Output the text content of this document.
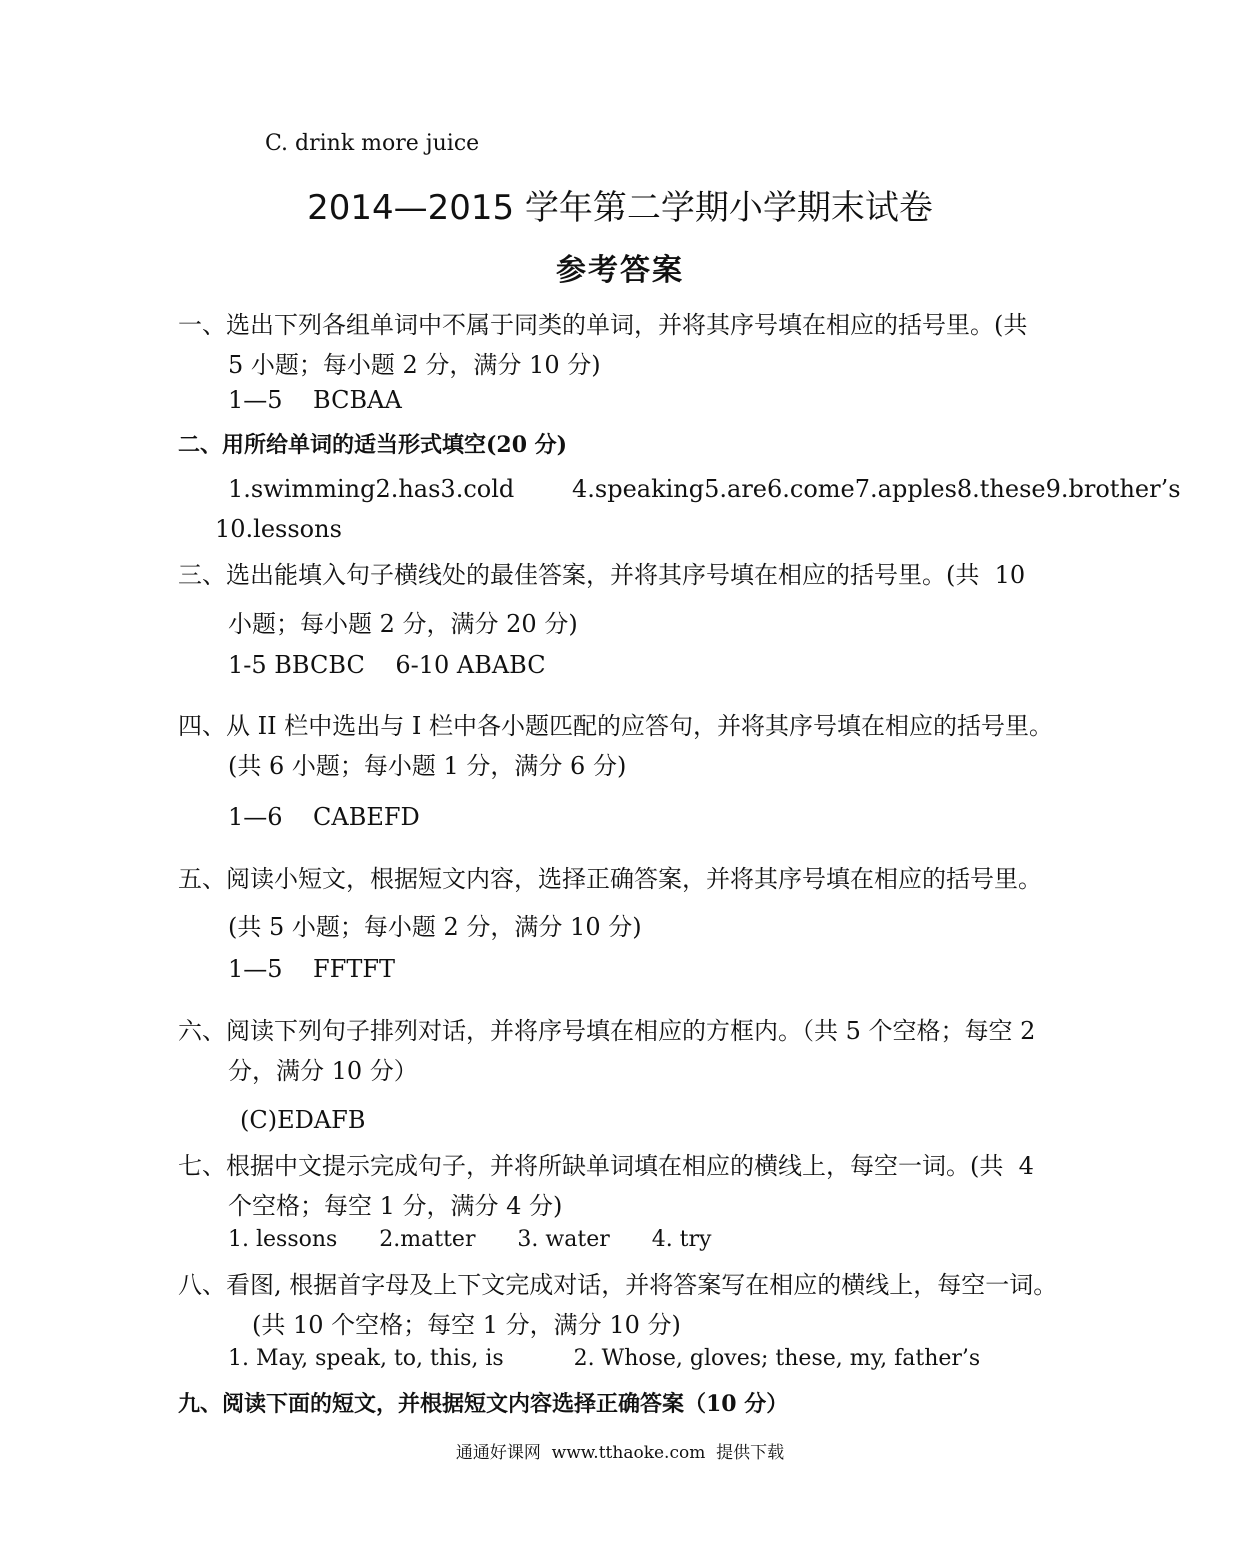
C. drink more juice
2014—2015 学年第二学期小学期末试卷
参考答案
一、选出下列各组单词中不属于同类的单词，并将其序号填在相应的括号里。(共
5 小题；每小题 2 分，满分 10 分)
1—5    BCBAA
二、用所给单词的适当形式填空(20 分)
1.swimming2.has3.cold 4.speaking5.are6.come7.apples8.these9.brother’s
10.lessons
三、选出能填入句子横线处的最佳答案，并将其序号填在相应的括号里。(共  10
小题；每小题 2 分，满分 20 分)
1-5 BBCBC    6-10 ABABC
四、从 II 栏中选出与 I 栏中各小题匹配的应答句，并将其序号填在相应的括号里。
(共 6 小题；每小题 1 分，满分 6 分)
1—6    CABEFD
五、阅读小短文，根据短文内容，选择正确答案，并将其序号填在相应的括号里。
(共 5 小题；每小题 2 分，满分 10 分)
1—5    FFTFT
六、阅读下列句子排列对话，并将序号填在相应的方框内。（共 5 个空格；每空 2
分，满分 10 分）
(C)EDAFB
七、根据中文提示完成句子，并将所缺单词填在相应的横线上，每空一词。(共  4
个空格；每空 1 分，满分 4 分)
1. lessons      2.matter      3. water      4. try
八、看图, 根据首字母及上下文完成对话，并将答案写在相应的横线上，每空一词。
(共 10 个空格；每空 1 分，满分 10 分)
1. May, speak, to, this, is          2. Whose, gloves; these, my, father’s
九、阅读下面的短文，并根据短文内容选择正确答案（10 分）
通通好课网  www.tthaoke.com  提供下载
